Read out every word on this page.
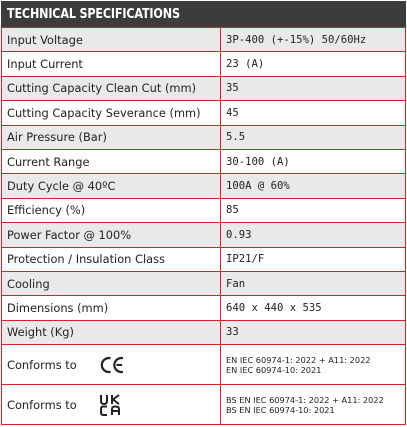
TECHNICAL SPECIFICATIONS
Input Voltage	3P-400 (+-15%) 50/60Hz
Input Current	23 (A)
Cutting Capacity Clean Cut (mm)	35
Cutting Capacity Severance (mm)	45
Air Pressure (Bar)	5.5
Current Range	30-100 (A)
Duty Cycle @ 40ºC	100A @ 60%
Efficiency (%)	85
Power Factor @ 100%	0.93
Protection / Insulation Class	IP21/F
Cooling	Fan
Dimensions (mm)	640 x 440 x 535
Weight (Kg)	33

Conforms to	EN IEC 60974-1: 2022 + A11: 2022
EN IEC 60974-10: 2021

Conforms to	BS EN IEC 60974-1: 2022 + A11: 2022
BS EN IEC 60974-10: 2021
